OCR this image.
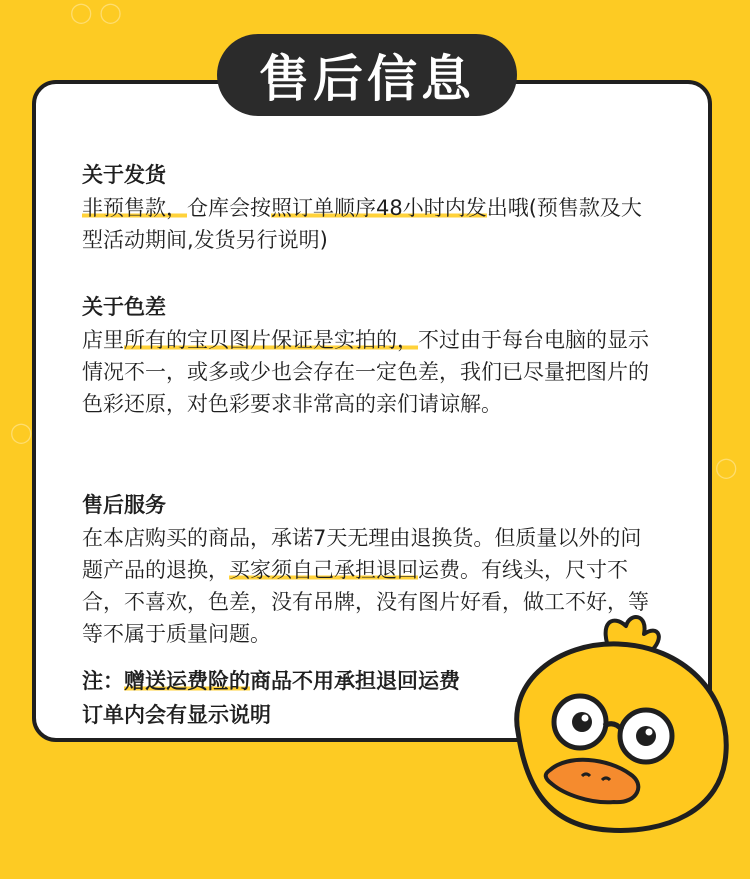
◯ ◯
◯
◯
售后信息
关于发货
非预售款，仓库会按照订单顺序48小时内发出哦(预售款及大型活动期间,发货另行说明)
关于色差
店里所有的宝贝图片保证是实拍的，不过由于每台电脑的显示情况不一，或多或少也会存在一定色差，我们已尽量把图片的色彩还原，对色彩要求非常高的亲们请谅解。
售后服务
在本店购买的商品，承诺7天无理由退换货。但质量以外的问题产品的退换，买家须自己承担退回运费。有线头，尺寸不合，不喜欢，色差，没有吊牌，没有图片好看，做工不好，等等不属于质量问题。
注：赠送运费险的商品不用承担退回运费
订单内会有显示说明
